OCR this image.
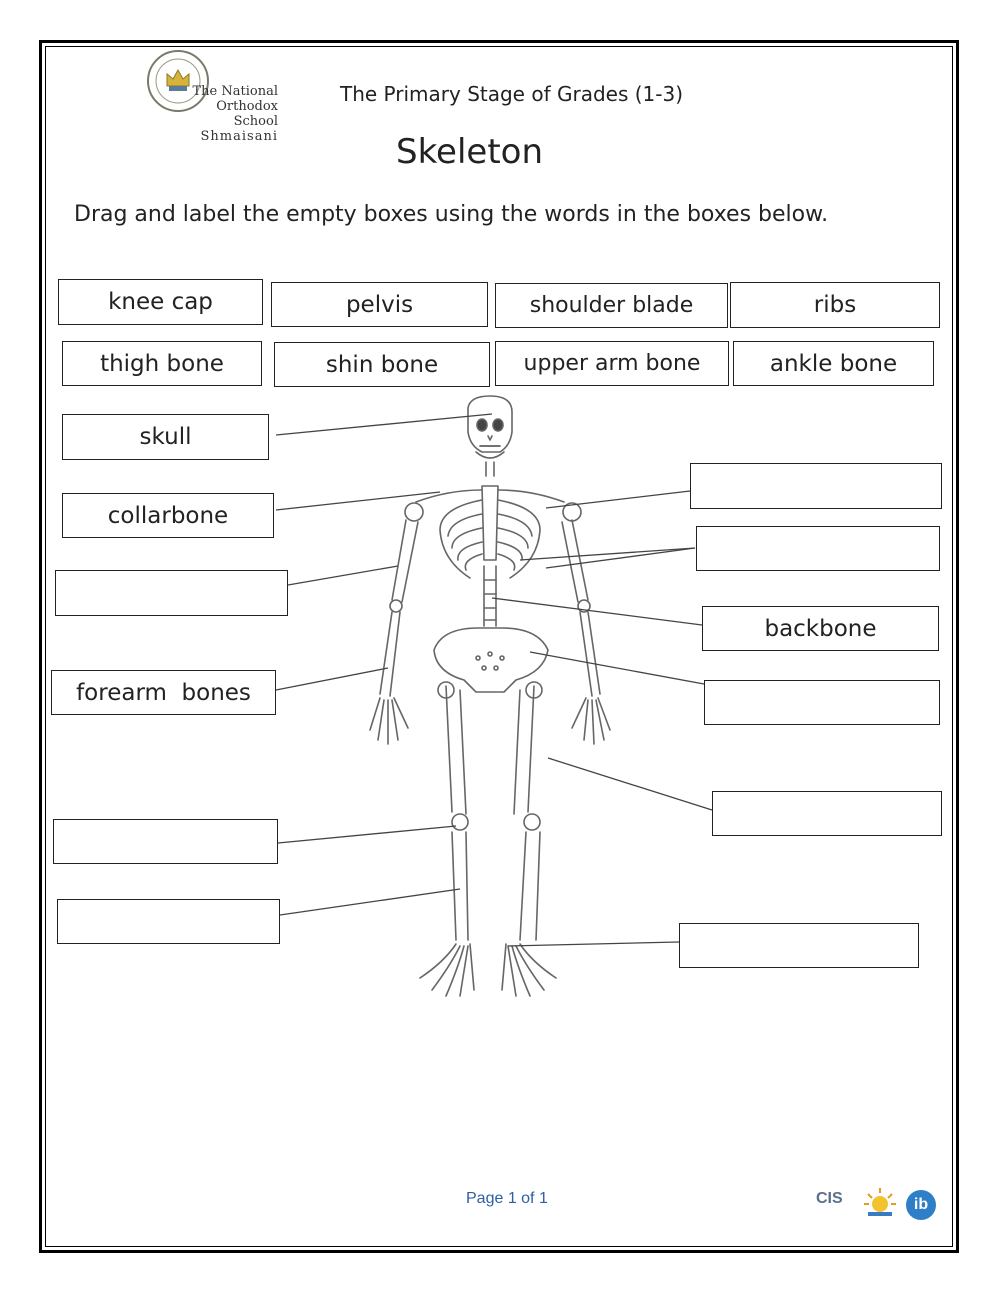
The National
Orthodox School
Shmaisani
The Primary Stage of Grades (1-3)
Skeleton
Drag and label the empty boxes using the words in the boxes below.
knee cap	pelvis	shoulder blade	ribs
thigh bone	shin bone	upper arm bone	ankle bone
skull
collarbone
forearm  bones
backbone
Page 1 of 1	CIS	ib
